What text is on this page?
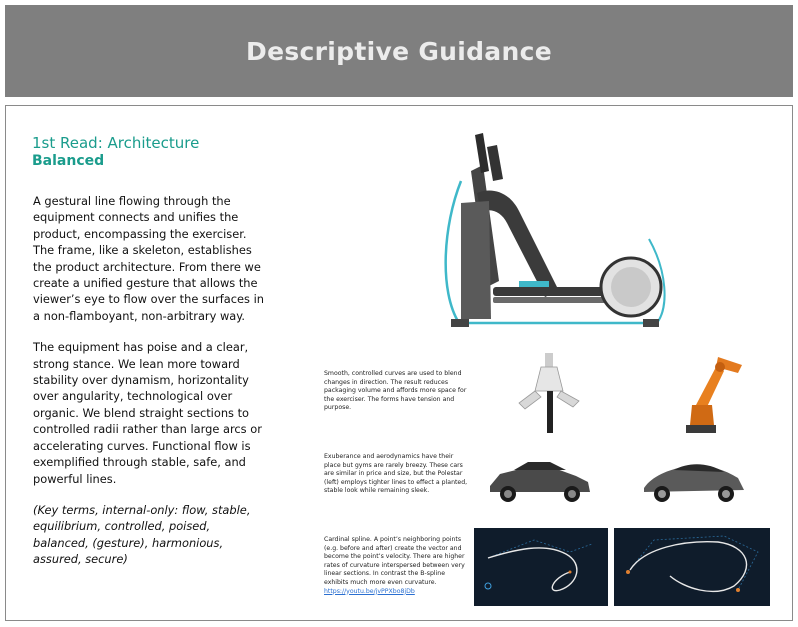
Descriptive Guidance
1st Read: Architecture
Balanced

A gestural line flowing through the equipment connects and unifies the product, encompassing the exerciser. The frame, like a skeleton, establishes the product architecture. From there we create a unified gesture that allows the viewer’s eye to flow over the surfaces in a non-flamboyant, non-arbitrary way.

The equipment has poise and a clear, strong stance. We lean more toward stability over dynamism, horizontality over angularity, technological over organic. We blend straight sections to controlled radii rather than large arcs or accelerating curves. Functional flow is exemplified through stable, safe, and powerful lines.

(Key terms, internal-only: flow, stable, equilibrium, controlled, poised, balanced, (gesture), harmonious, assured, secure)

Smooth, controlled curves are used to blend changes in direction. The result reduces packaging volume and affords more space for the exerciser. The forms have tension and purpose.
Exuberance and aerodynamics have their place but gyms are rarely breezy. These cars are similar in price and size, but the Polestar (left) employs tighter lines to effect a planted, stable look while remaining sleek.
Cardinal spline. A point’s neighboring points (e.g. before and after) create the vector and become the point’s velocity. There are higher rates of curvature interspersed between very linear sections. In contrast the B-spline exhibits much more even curvature. https://youtu.be/jvPPXbo8jDb
